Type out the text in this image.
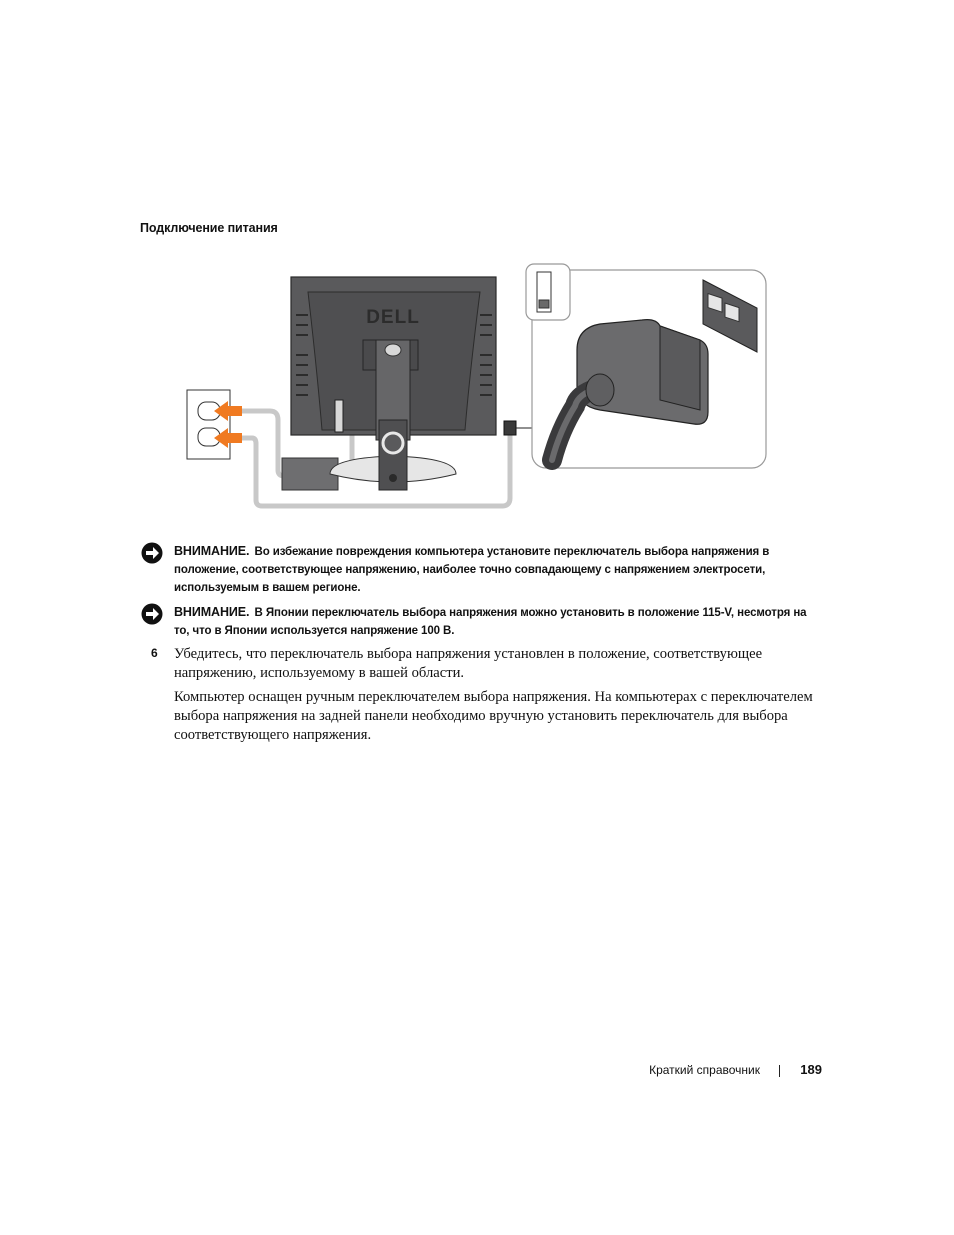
Подключение питания
DELL
ВНИМАНИЕ. Во избежание повреждения компьютера установите переключатель выбора напряжения в положение, соответствующее напряжению, наиболее точно совпадающему с напряжением электросети, используемым в вашем регионе.
ВНИМАНИЕ. В Японии переключатель выбора напряжения можно установить в положение 115-V, несмотря на то, что в Японии используется напряжение 100 В.
6 Убедитесь, что переключатель выбора напряжения установлен в положение, соответствующее напряжению, используемому в вашей области.
Компьютер оснащен ручным переключателем выбора напряжения. На компьютерах с переключателем выбора напряжения на задней панели необходимо вручную установить переключатель для выбора соответствующего напряжения.
Краткий справочник	189
